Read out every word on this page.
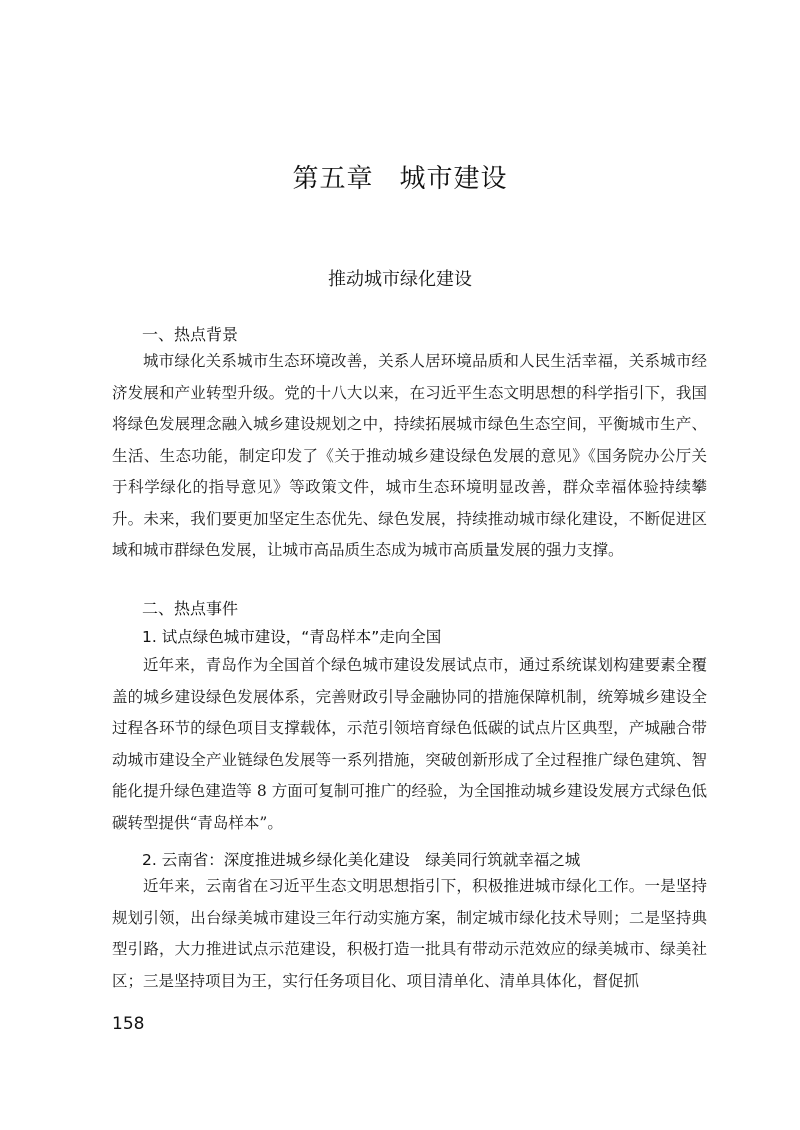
第五章 城市建设
推动城市绿化建设
一、热点背景

城市绿化关系城市生态环境改善，关系人居环境品质和人民生活幸福，关系城市经济发展和产业转型升级。党的十八大以来，在习近平生态文明思想的科学指引下，我国将绿色发展理念融入城乡建设规划之中，持续拓展城市绿色生态空间，平衡城市生产、生活、生态功能，制定印发了《关于推动城乡建设绿色发展的意见》《国务院办公厅关于科学绿化的指导意见》等政策文件，城市生态环境明显改善，群众幸福体验持续攀升。未来，我们要更加坚定生态优先、绿色发展，持续推动城市绿化建设，不断促进区域和城市群绿色发展，让城市高品质生态成为城市高质量发展的强力支撑。

二、热点事件
1. 试点绿色城市建设，“青岛样本”走向全国

近年来，青岛作为全国首个绿色城市建设发展试点市，通过系统谋划构建要素全覆盖的城乡建设绿色发展体系，完善财政引导金融协同的措施保障机制，统筹城乡建设全过程各环节的绿色项目支撑载体，示范引领培育绿色低碳的试点片区典型，产城融合带动城市建设全产业链绿色发展等一系列措施，突破创新形成了全过程推广绿色建筑、智能化提升绿色建造等 8 方面可复制可推广的经验，为全国推动城乡建设发展方式绿色低碳转型提供“青岛样本”。

2. 云南省：深度推进城乡绿化美化建设　绿美同行筑就幸福之城

近年来，云南省在习近平生态文明思想指引下，积极推进城市绿化工作。一是坚持规划引领，出台绿美城市建设三年行动实施方案，制定城市绿化技术导则；二是坚持典型引路，大力推进试点示范建设，积极打造一批具有带动示范效应的绿美城市、绿美社区；三是坚持项目为王，实行任务项目化、项目清单化、清单具体化，督促抓

158
